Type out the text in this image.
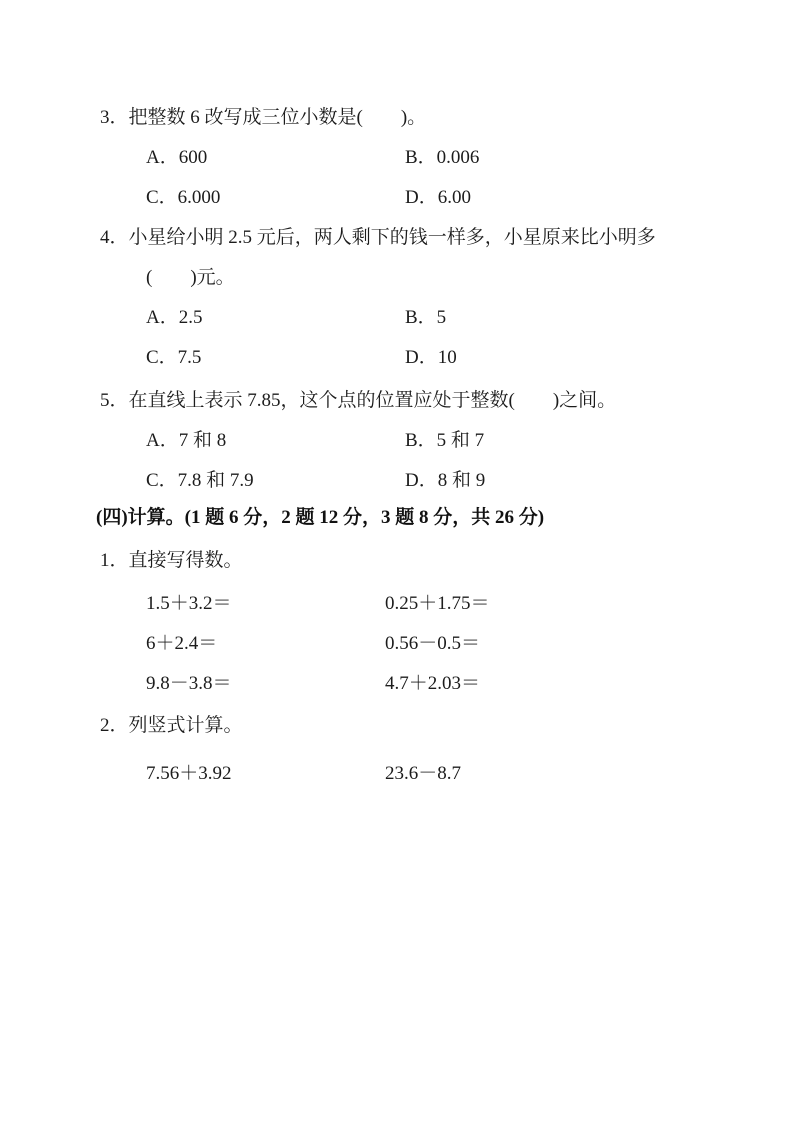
3．把整数 6 改写成三位小数是(　　)。
A．600	B．0.006
C．6.000	D．6.00
4．小星给小明 2.5 元后，两人剩下的钱一样多，小星原来比小明多
(　　)元。
A．2.5	B．5
C．7.5	D．10
5．在直线上表示 7.85，这个点的位置应处于整数(　　)之间。
A．7 和 8	B．5 和 7
C．7.8 和 7.9	D．8 和 9
(四)计算。(1 题 6 分，2 题 12 分，3 题 8 分，共 26 分)
1．直接写得数。
1.5＋3.2＝	0.25＋1.75＝
6＋2.4＝	0.56－0.5＝
9.8－3.8＝	4.7＋2.03＝
2．列竖式计算。
7.56＋3.92	23.6－8.7
